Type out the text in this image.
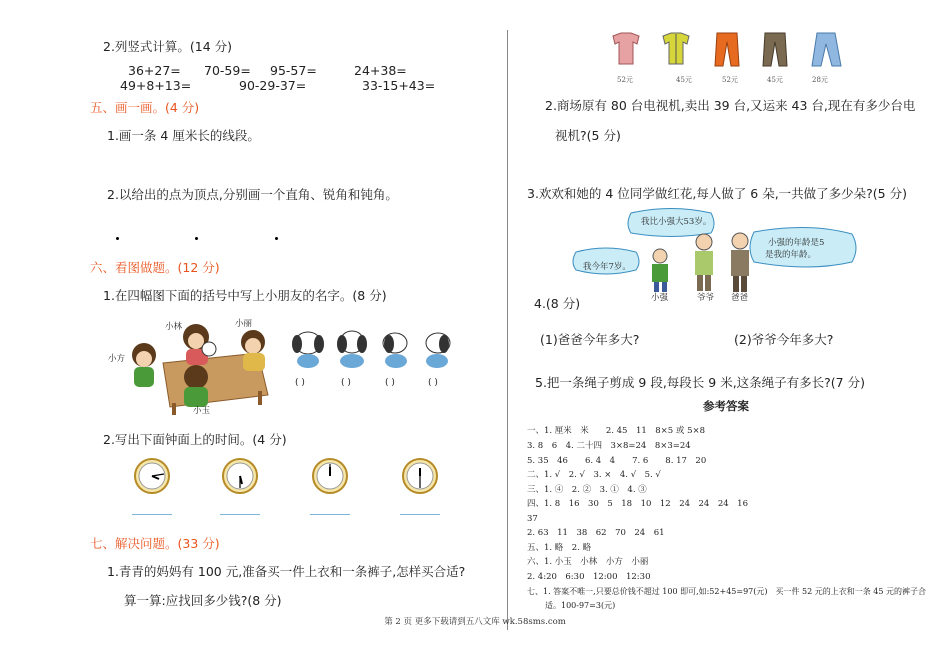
2.列竖式计算。(14 分)
36+27= 70-59= 95-57=	24+38=
49+8+13=	90-29-37=	33-15+43=
五、画一画。(4 分)
1.画一条 4 厘米长的线段。
2.以给出的点为顶点,分别画一个直角、锐角和钝角。
六、看图做题。(12 分)
1.在四幅图下面的括号中写上小朋友的名字。(8 分)
小林	小丽
小方
小玉
( )	( )	( )	( )
2.写出下面钟面上的时间。(4 分)
七、解决问题。(33 分)
1.青青的妈妈有 100 元,准备买一件上衣和一条裤子,怎样买合适?
算一算:应找回多少钱?(8 分)
52元	45元	52元	45元	28元
2.商场原有 80 台电视机,卖出 39 台,又运来 43 台,现在有多少台电
视机?(5 分)
3.欢欢和她的 4 位同学做红花,每人做了 6 朵,一共做了多少朵?(5 分)
我比小强大53岁。
我今年7岁。
小强的年龄是5
是我的年龄。
小强	爷爷 爸爸
4.(8 分)
(1)爸爸今年多大?	(2)爷爷今年多大?
5.把一条绳子剪成 9 段,每段长 9 米,这条绳子有多长?(7 分)
参考答案
一、1. 厘米　米　　2. 45　11　8×5 或 5×8
3. 8　6　4. 二十四　3×8=24　8×3=24
5. 35　46　　6. 4　4　　7. 6　　8. 17　20
二、1. √　2. √　3. ×　4. √　5. √
三、1. ④　2. ②　3. ①　4. ③
四、1. 8　16　30　5　18　10　12　24　24　24　16
37
2. 63　11　38　62　70　24　61
五、1. 略　2. 略
六、1. 小玉　小林　小方　小丽
2. 4:20　6:30　12:00　12:30
七、1. 答案不唯一,只要总价钱不超过 100 即可,如:52+45=97(元)　买一件 52 元的上衣和一条 45 元的裤子合
适。100-97=3(元)
第 2 页 更多下载请到五八文库 wk.58sms.com
